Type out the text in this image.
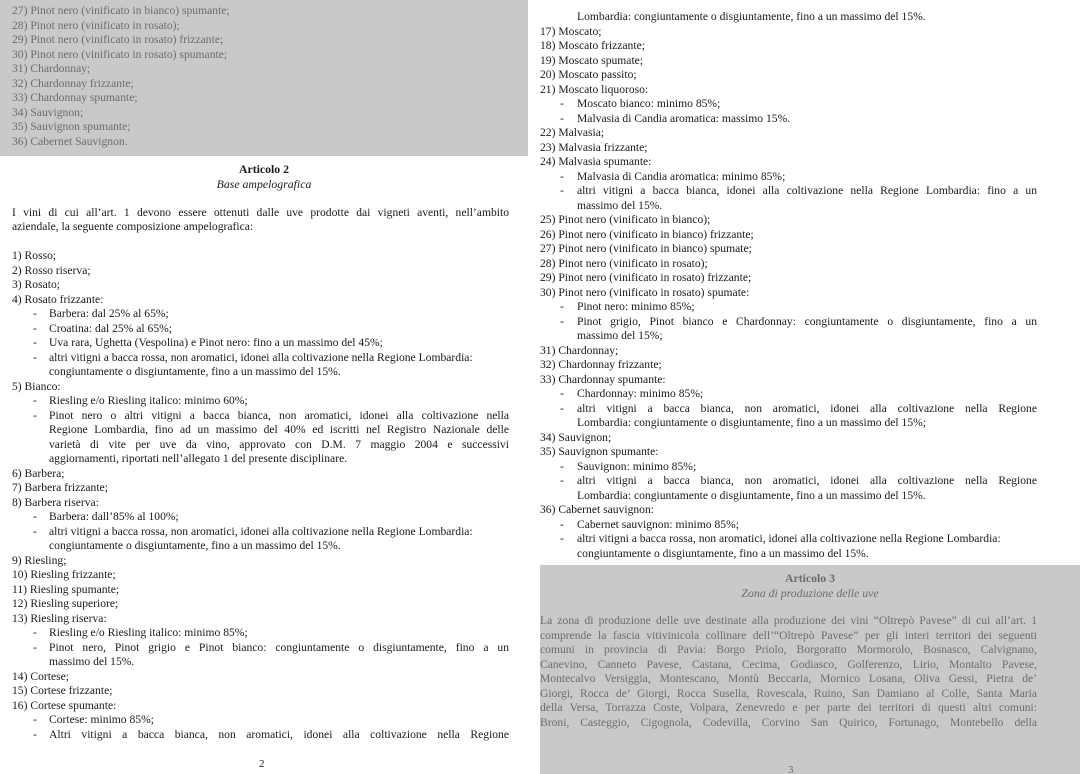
27) Pinot nero (vinificato in bianco) spumante;
28) Pinot nero (vinificato in rosato);
29) Pinot nero (vinificato in rosato) frizzante;
30) Pinot nero (vinificato in rosato) spumante;
31) Chardonnay;
32) Chardonnay frizzante;
33) Chardonnay spumante;
34) Sauvignon;
35) Sauvignon spumante;
36) Cabernet Sauvignon.
Articolo 2
Base ampelografica
I vini di cui all’art. 1 devono essere ottenuti dalle uve prodotte dai vigneti aventi, nell’ambito
aziendale, la seguente composizione ampelografica:
1) Rosso;
2) Rosso riserva;
3) Rosato;
4) Rosato frizzante:
- Barbera: dal 25% al 65%;
- Croatina: dal 25% al 65%;
- Uva rara, Ughetta (Vespolina) e Pinot nero: fino a un massimo del 45%;
- altri vitigni a bacca rossa, non aromatici, idonei alla coltivazione nella Regione Lombardia:
congiuntamente o disgiuntamente, fino a un massimo del 15%.
5) Bianco:
- Riesling e/o Riesling italico: minimo 60%;
- Pinot nero o altri vitigni a bacca bianca, non aromatici, idonei alla coltivazione nella
Regione Lombardia, fino ad un massimo del 40% ed iscritti nel Registro Nazionale delle
varietà di vite per uve da vino, approvato con D.M. 7 maggio 2004 e successivi
aggiornamenti, riportati nell’allegato 1 del presente disciplinare.
6) Barbera;
7) Barbera frizzante;
8) Barbera riserva:
- Barbera: dall’85% al 100%;
- altri vitigni a bacca rossa, non aromatici, idonei alla coltivazione nella Regione Lombardia:
congiuntamente o disgiuntamente, fino a un massimo del 15%.
9) Riesling;
10) Riesling frizzante;
11) Riesling spumante;
12) Riesling superiore;
13) Riesling riserva:
- Riesling e/o Riesling italico: minimo 85%;
- Pinot nero, Pinot grigio e Pinot bianco: congiuntamente o disgiuntamente, fino a un
massimo del 15%.
14) Cortese;
15) Cortese frizzante;
16) Cortese spumante:
- Cortese: minimo 85%;
- Altri vitigni a bacca bianca, non aromatici, idonei alla coltivazione nella Regione
2
Lombardia: congiuntamente o disgiuntamente, fino a un massimo del 15%.
17) Moscato;
18) Moscato frizzante;
19) Moscato spumate;
20) Moscato passito;
21) Moscato liquoroso:
- Moscato bianco: minimo 85%;
- Malvasia di Candia aromatica: massimo 15%.
22) Malvasia;
23) Malvasia frizzante;
24) Malvasia spumante:
- Malvasia di Candia aromatica: minimo 85%;
- altri vitigni a bacca bianca, idonei alla coltivazione nella Regione Lombardia: fino a un
massimo del 15%.
25) Pinot nero (vinificato in bianco);
26) Pinot nero (vinificato in bianco) frizzante;
27) Pinot nero (vinificato in bianco) spumate;
28) Pinot nero (vinificato in rosato);
29) Pinot nero (vinificato in rosato) frizzante;
30) Pinot nero (vinificato in rosato) spumate:
- Pinot nero: minimo 85%;
- Pinot grigio, Pinot bianco e Chardonnay: congiuntamente o disgiuntamente, fino a un
massimo del 15%;
31) Chardonnay;
32) Chardonnay frizzante;
33) Chardonnay spumante:
- Chardonnay: minimo 85%;
- altri vitigni a bacca bianca, non aromatici, idonei alla coltivazione nella Regione
Lombardia: congiuntamente o disgiuntamente, fino a un massimo del 15%;
34) Sauvignon;
35) Sauvignon spumante:
- Sauvignon: minimo 85%;
- altri vitigni a bacca bianca, non aromatici, idonei alla coltivazione nella Regione
Lombardia: congiuntamente o disgiuntamente, fino a un massimo del 15%.
36) Cabernet sauvignon:
- Cabernet sauvignon: minimo 85%;
- altri vitigni a bacca rossa, non aromatici, idonei alla coltivazione nella Regione Lombardia:
congiuntamente o disgiuntamente, fino a un massimo del 15%.
Articolo 3
Zona di produzione delle uve
La zona di produzione delle uve destinate alla produzione dei vini “Oltrepò Pavese” di cui all’art. 1
comprende la fascia vitivinicola collinare dell’“Oltrepò Pavese” per gli interi territori dei seguenti
comuni in provincia di Pavia: Borgo Priolo, Borgoratto Mormorolo, Bosnasco, Calvignano,
Canevino, Canneto Pavese, Castana, Cecima, Godiasco, Golferenzo, Lirio, Montalto Pavese,
Montecalvo Versiggia, Montescano, Montù Beccaria, Mornico Losana, Oliva Gessi, Pietra de’
Giorgi, Rocca de’ Giorgi, Rocca Susella, Rovescala, Ruino, San Damiano al Colle, Santa Maria
della Versa, Torrazza Coste, Volpara, Zenevredo e per parte dei territori di questi altri comuni:
Broni, Casteggio, Cigognola, Codevilla, Corvino San Quirico, Fortunago, Montebello della
3
